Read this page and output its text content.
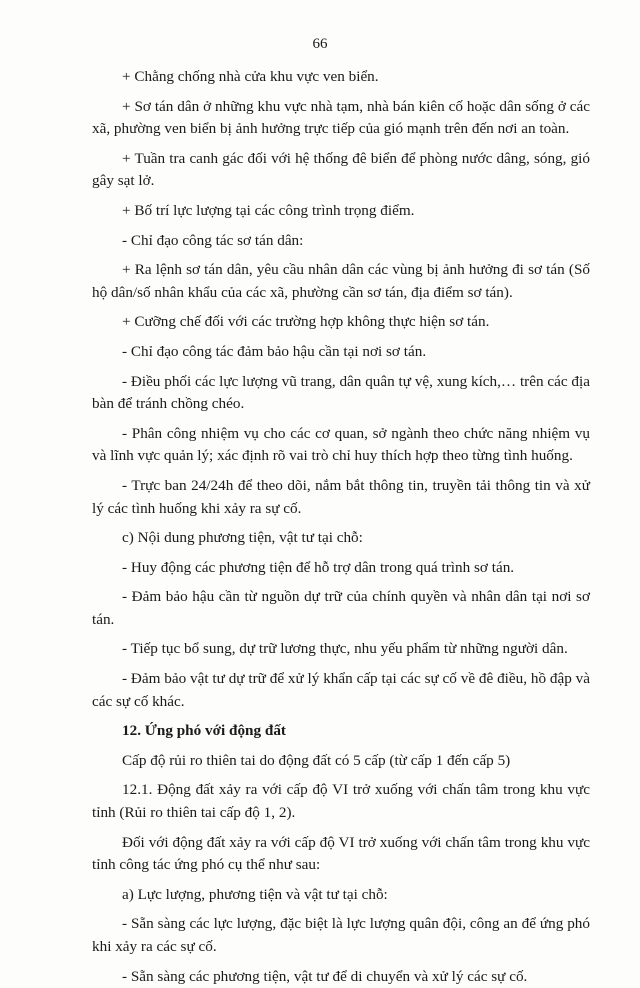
66

+ Chằng chống nhà cửa khu vực ven biển.

+ Sơ tán dân ở những khu vực nhà tạm, nhà bán kiên cố hoặc dân sống ở các xã, phường ven biển bị ảnh hưởng trực tiếp của gió mạnh trên đến nơi an toàn.

+ Tuần tra canh gác đối với hệ thống đê biển để phòng nước dâng, sóng, gió gây sạt lở.

+ Bố trí lực lượng tại các công trình trọng điểm.

- Chỉ đạo công tác sơ tán dân:

+ Ra lệnh sơ tán dân, yêu cầu nhân dân các vùng bị ảnh hưởng đi sơ tán (Số hộ dân/số nhân khẩu của các xã, phường cần sơ tán, địa điểm sơ tán).

+ Cưỡng chế đối với các trường hợp không thực hiện sơ tán.

- Chỉ đạo công tác đảm bảo hậu cần tại nơi sơ tán.

- Điều phối các lực lượng vũ trang, dân quân tự vệ, xung kích,… trên các địa bàn để tránh chồng chéo.

- Phân công nhiệm vụ cho các cơ quan, sở ngành theo chức năng nhiệm vụ và lĩnh vực quản lý; xác định rõ vai trò chỉ huy thích hợp theo từng tình huống.

- Trực ban 24/24h để theo dõi, nắm bắt thông tin, truyền tải thông tin và xử lý các tình huống khi xảy ra sự cố.

c) Nội dung phương tiện, vật tư tại chỗ:

- Huy động các phương tiện để hỗ trợ dân trong quá trình sơ tán.

- Đảm bảo hậu cần từ nguồn dự trữ của chính quyền và nhân dân tại nơi sơ tán.

- Tiếp tục bổ sung, dự trữ lương thực, nhu yếu phẩm từ những người dân.

- Đảm bảo vật tư dự trữ để xử lý khẩn cấp tại các sự cố về đê điều, hồ đập và các sự cố khác.

12. Ứng phó với động đất

Cấp độ rủi ro thiên tai do động đất có 5 cấp (từ cấp 1 đến cấp 5)

12.1. Động đất xảy ra với cấp độ VI trở xuống với chấn tâm trong khu vực tỉnh (Rủi ro thiên tai cấp độ 1, 2).

Đối với động đất xảy ra với cấp độ VI trở xuống với chấn tâm trong khu vực tỉnh công tác ứng phó cụ thể như sau:

a) Lực lượng, phương tiện và vật tư tại chỗ:

- Sẵn sàng các lực lượng, đặc biệt là lực lượng quân đội, công an để ứng phó khi xảy ra các sự cố.

- Sẵn sàng các phương tiện, vật tư để di chuyển và xử lý các sự cố.
